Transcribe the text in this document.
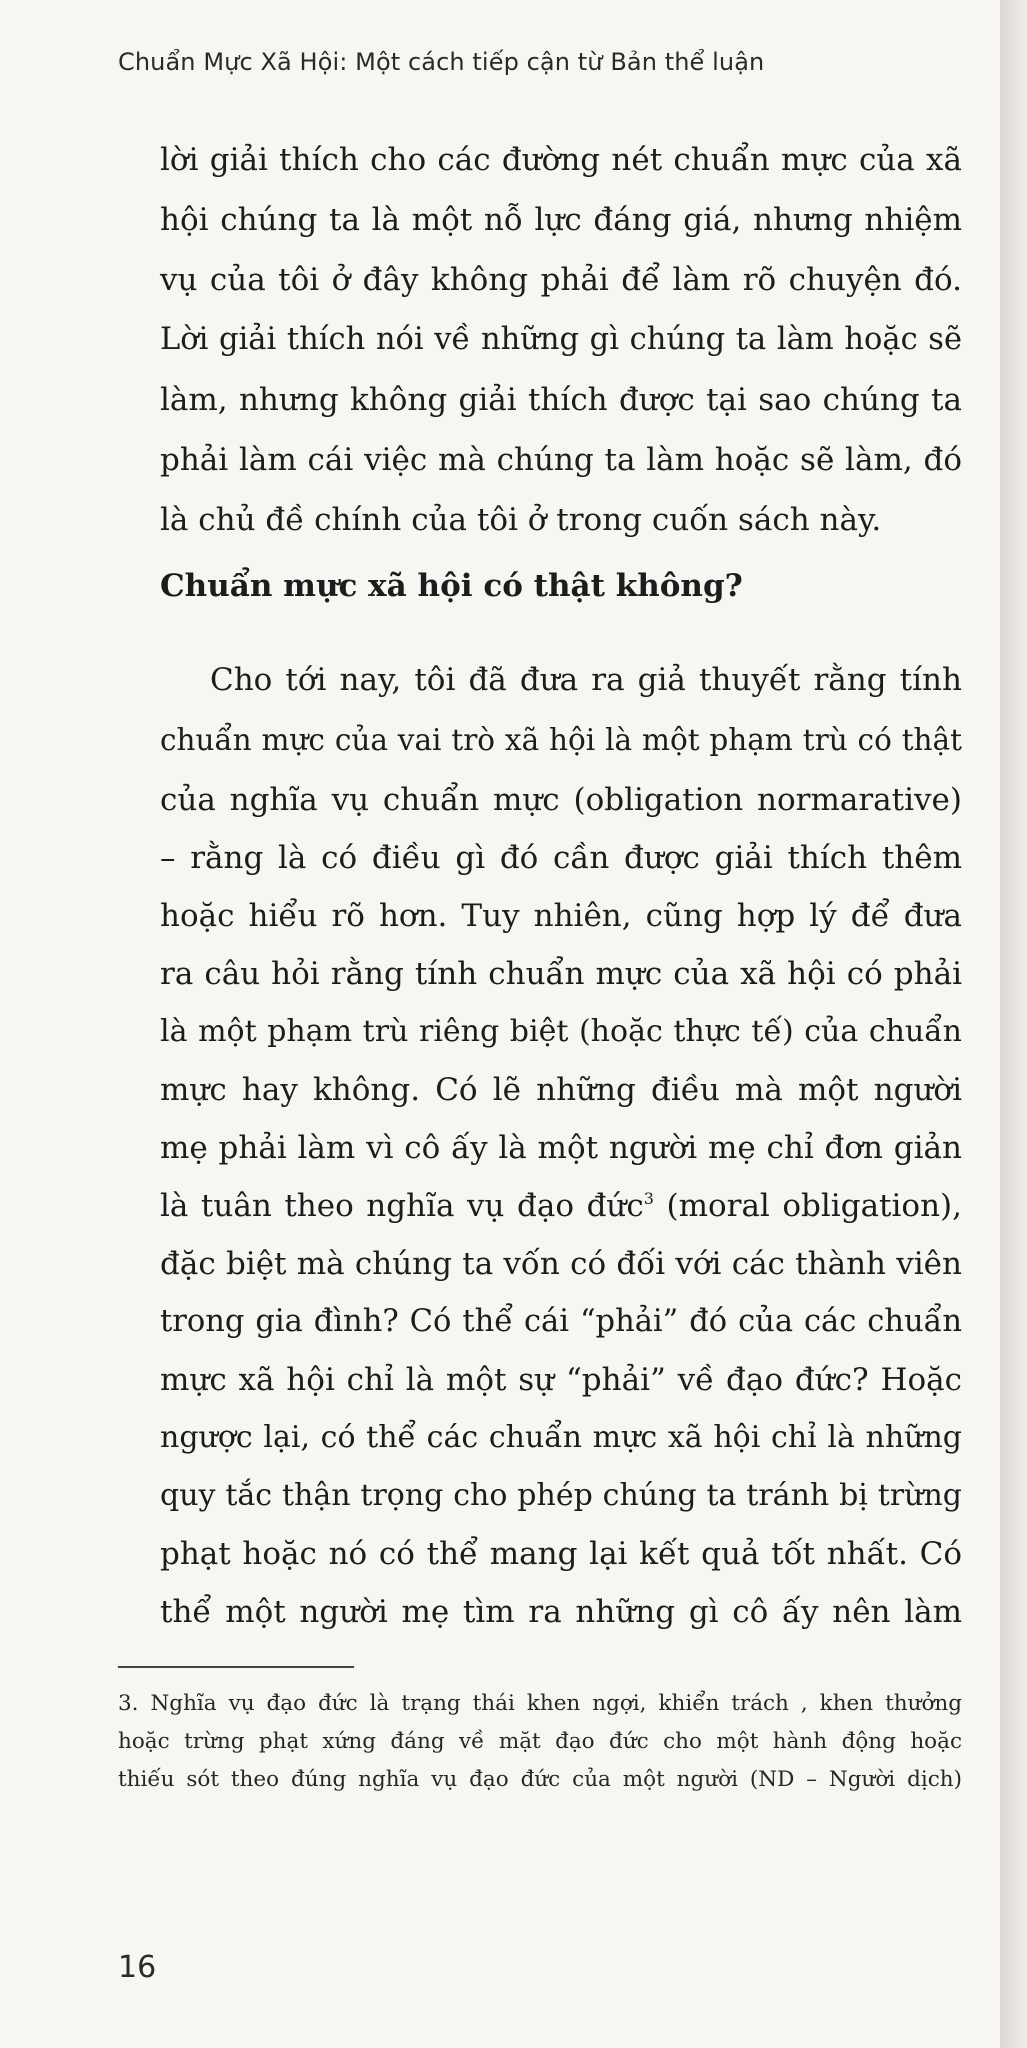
Chuẩn Mực Xã Hội: Một cách tiếp cận từ Bản thể luận
lời giải thích cho các đường nét chuẩn mực của xã
hội chúng ta là một nỗ lực đáng giá, nhưng nhiệm
vụ của tôi ở đây không phải để làm rõ chuyện đó.
Lời giải thích nói về những gì chúng ta làm hoặc sẽ
làm, nhưng không giải thích được tại sao chúng ta
phải làm cái việc mà chúng ta làm hoặc sẽ làm, đó
là chủ đề chính của tôi ở trong cuốn sách này.
Chuẩn mực xã hội có thật không?
Cho tới nay, tôi đã đưa ra giả thuyết rằng tính
chuẩn mực của vai trò xã hội là một phạm trù có thật
của nghĩa vụ chuẩn mực (obligation normarative)
– rằng là có điều gì đó cần được giải thích thêm
hoặc hiểu rõ hơn. Tuy nhiên, cũng hợp lý để đưa
ra câu hỏi rằng tính chuẩn mực của xã hội có phải
là một phạm trù riêng biệt (hoặc thực tế) của chuẩn
mực hay không. Có lẽ những điều mà một người
mẹ phải làm vì cô ấy là một người mẹ chỉ đơn giản
là tuân theo nghĩa vụ đạo đức$^3$ (moral obligation),
đặc biệt mà chúng ta vốn có đối với các thành viên
trong gia đình? Có thể cái “phải” đó của các chuẩn
mực xã hội chỉ là một sự “phải” về đạo đức? Hoặc
ngược lại, có thể các chuẩn mực xã hội chỉ là những
quy tắc thận trọng cho phép chúng ta tránh bị trừng
phạt hoặc nó có thể mang lại kết quả tốt nhất. Có
thể một người mẹ tìm ra những gì cô ấy nên làm
3. Nghĩa vụ đạo đức là trạng thái khen ngợi, khiển trách , khen thưởng
hoặc trừng phạt xứng đáng về mặt đạo đức cho một hành động hoặc
thiếu sót theo đúng nghĩa vụ đạo đức của một người (ND – Người dịch)
16
